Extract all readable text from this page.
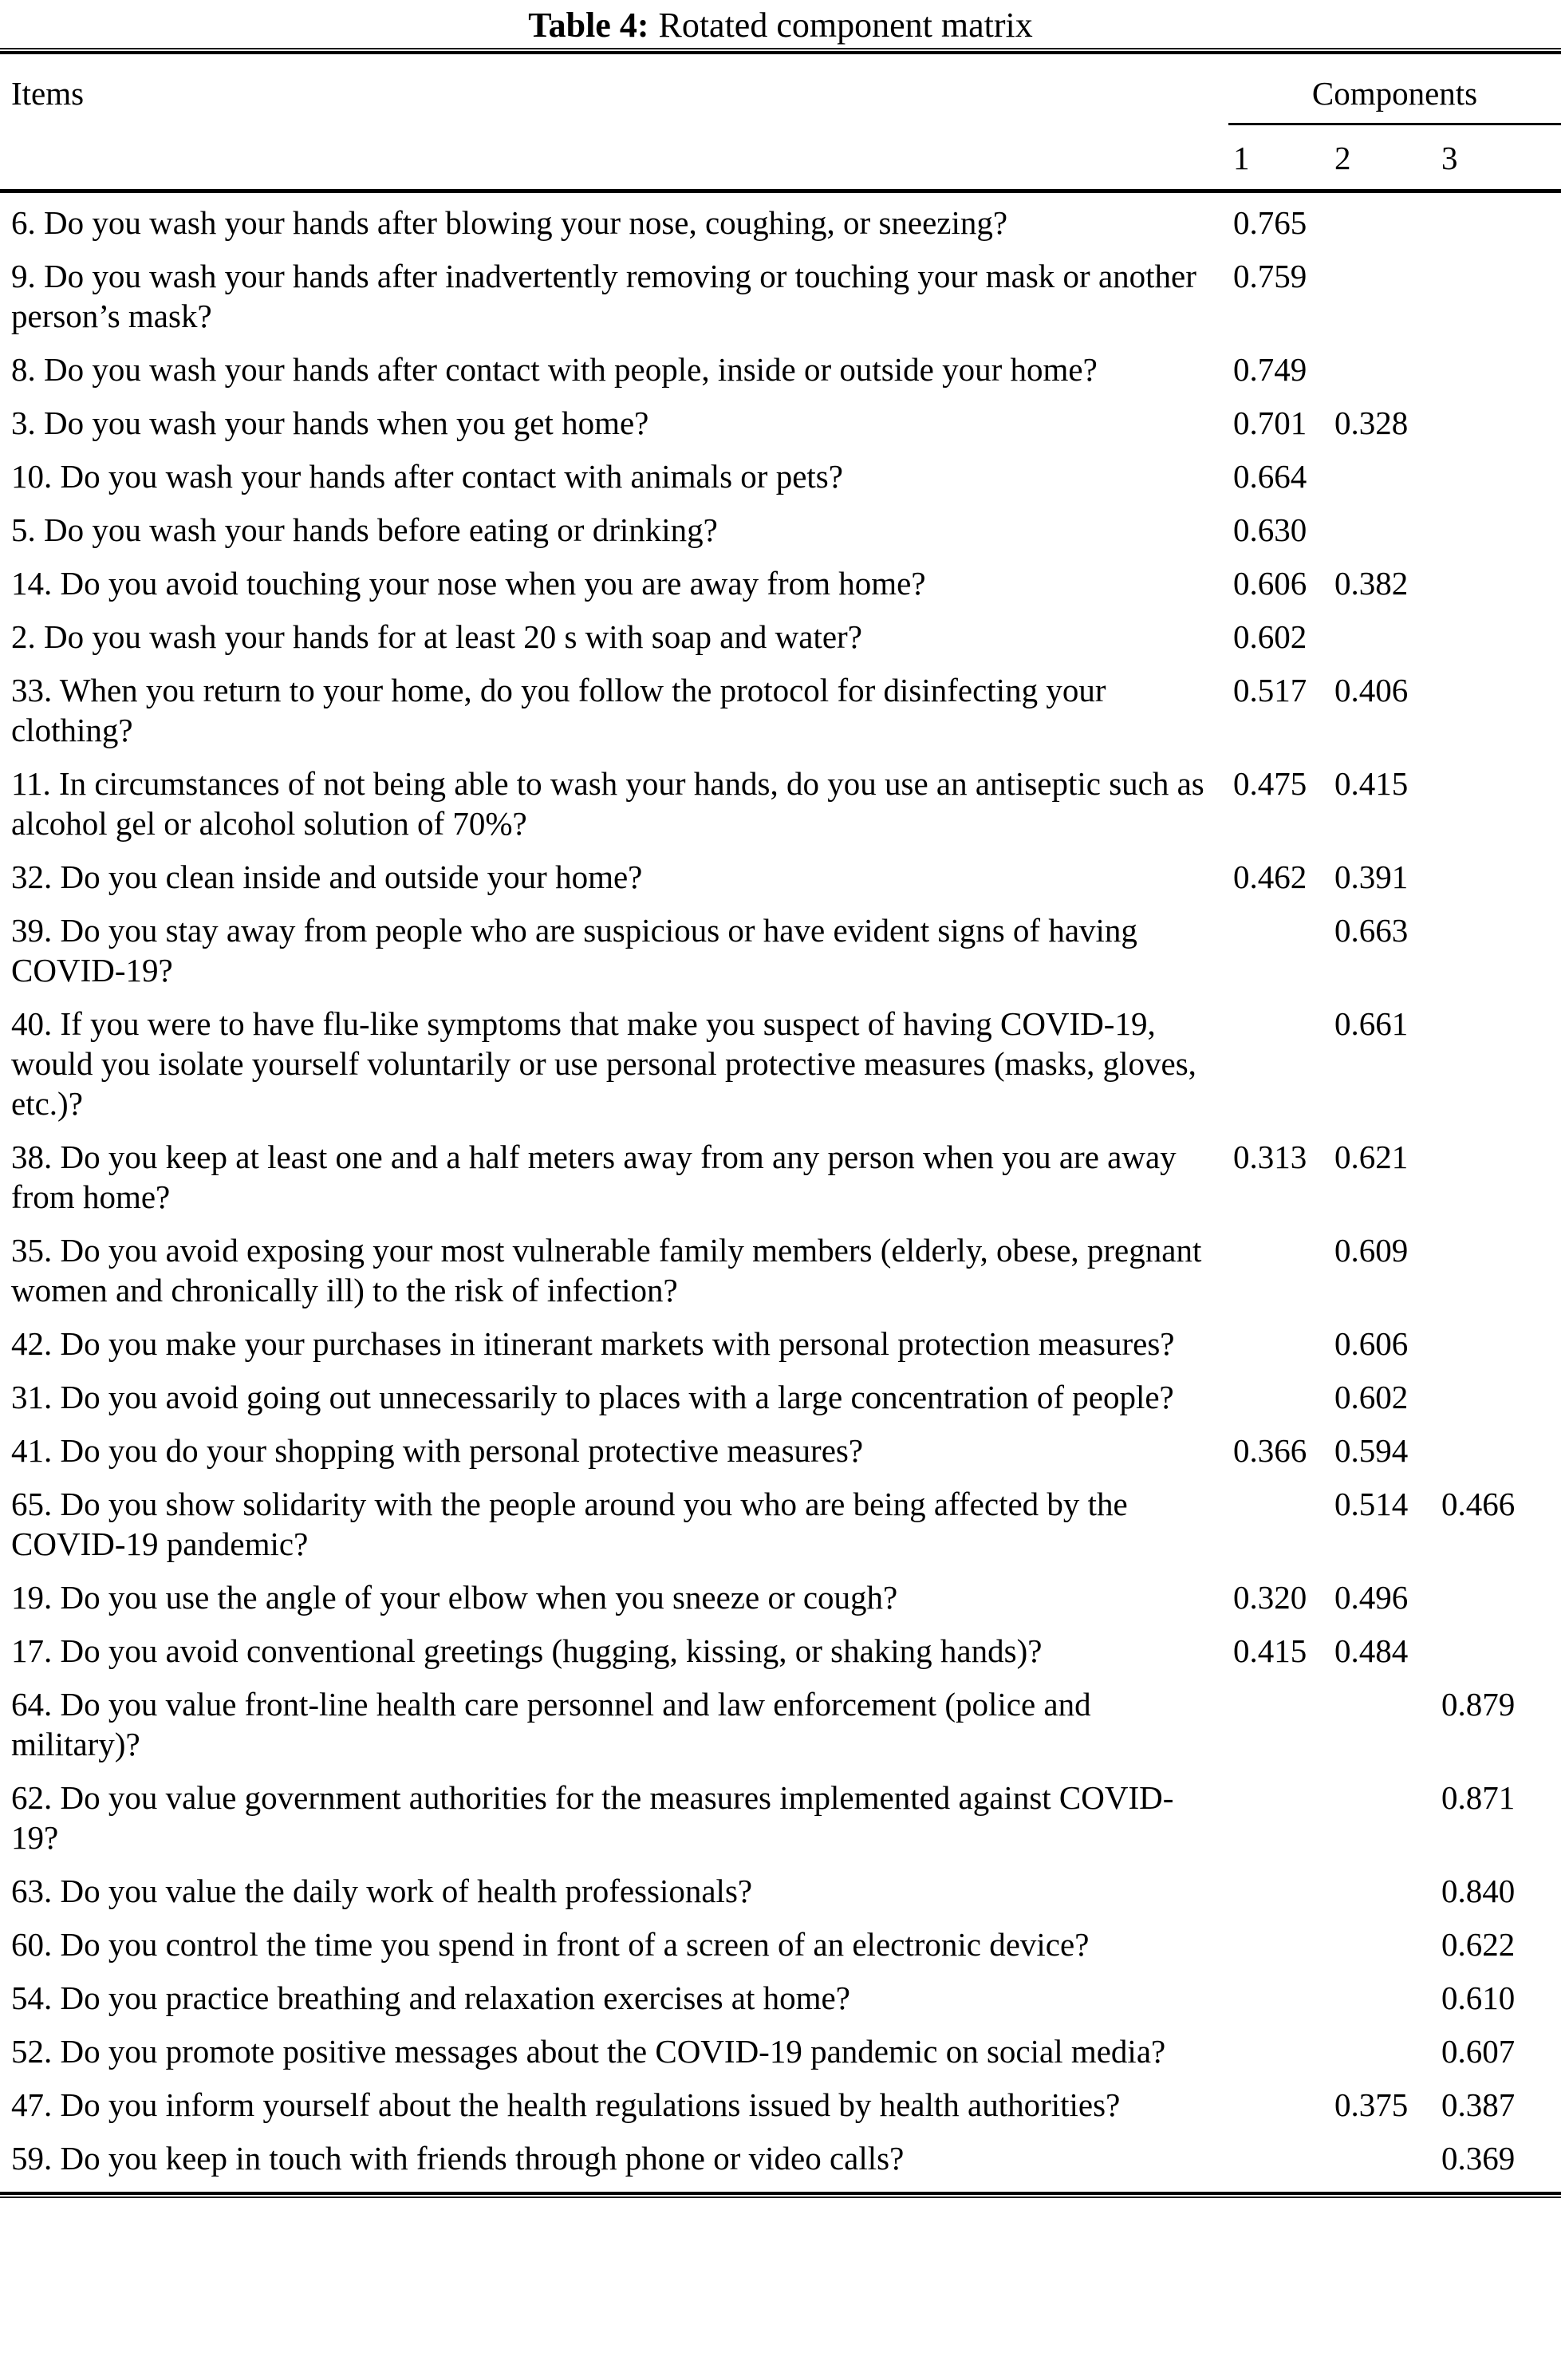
Table 4: Rotated component matrix
Items	Components		
	1	2	3
6. Do you wash your hands after blowing your nose, coughing, or sneezing?	0.765		
9. Do you wash your hands after inadvertently removing or touching your mask or another person’s mask?	0.759		
8. Do you wash your hands after contact with people, inside or outside your home?	0.749		
3. Do you wash your hands when you get home?	0.701	0.328	
10. Do you wash your hands after contact with animals or pets?	0.664		
5. Do you wash your hands before eating or drinking?	0.630		
14. Do you avoid touching your nose when you are away from home?	0.606	0.382	
2. Do you wash your hands for at least 20 s with soap and water?	0.602		
33. When you return to your home, do you follow the protocol for disinfecting your clothing?	0.517	0.406	
11. In circumstances of not being able to wash your hands, do you use an antiseptic such as alcohol gel or alcohol solution of 70%?	0.475	0.415	
32. Do you clean inside and outside your home?	0.462	0.391	
39. Do you stay away from people who are suspicious or have evident signs of having COVID-19?		0.663	
40. If you were to have flu-like symptoms that make you suspect of having COVID-19, would you isolate yourself voluntarily or use personal protective measures (masks, gloves, etc.)?		0.661	
38. Do you keep at least one and a half meters away from any person when you are away from home?	0.313	0.621	
35. Do you avoid exposing your most vulnerable family members (elderly, obese, pregnant women and chronically ill) to the risk of infection?		0.609	
42. Do you make your purchases in itinerant markets with personal protection measures?		0.606	
31. Do you avoid going out unnecessarily to places with a large concentration of people?		0.602	
41. Do you do your shopping with personal protective measures?	0.366	0.594	
65. Do you show solidarity with the people around you who are being affected by the COVID-19 pandemic?		0.514	0.466
19. Do you use the angle of your elbow when you sneeze or cough?	0.320	0.496	
17. Do you avoid conventional greetings (hugging, kissing, or shaking hands)?	0.415	0.484	
64. Do you value front-line health care personnel and law enforcement (police and military)?			0.879
62. Do you value government authorities for the measures implemented against COVID-19?			0.871
63. Do you value the daily work of health professionals?			0.840
60. Do you control the time you spend in front of a screen of an electronic device?			0.622
54. Do you practice breathing and relaxation exercises at home?			0.610
52. Do you promote positive messages about the COVID-19 pandemic on social media?			0.607
47. Do you inform yourself about the health regulations issued by health authorities?		0.375	0.387
59. Do you keep in touch with friends through phone or video calls?			0.369
